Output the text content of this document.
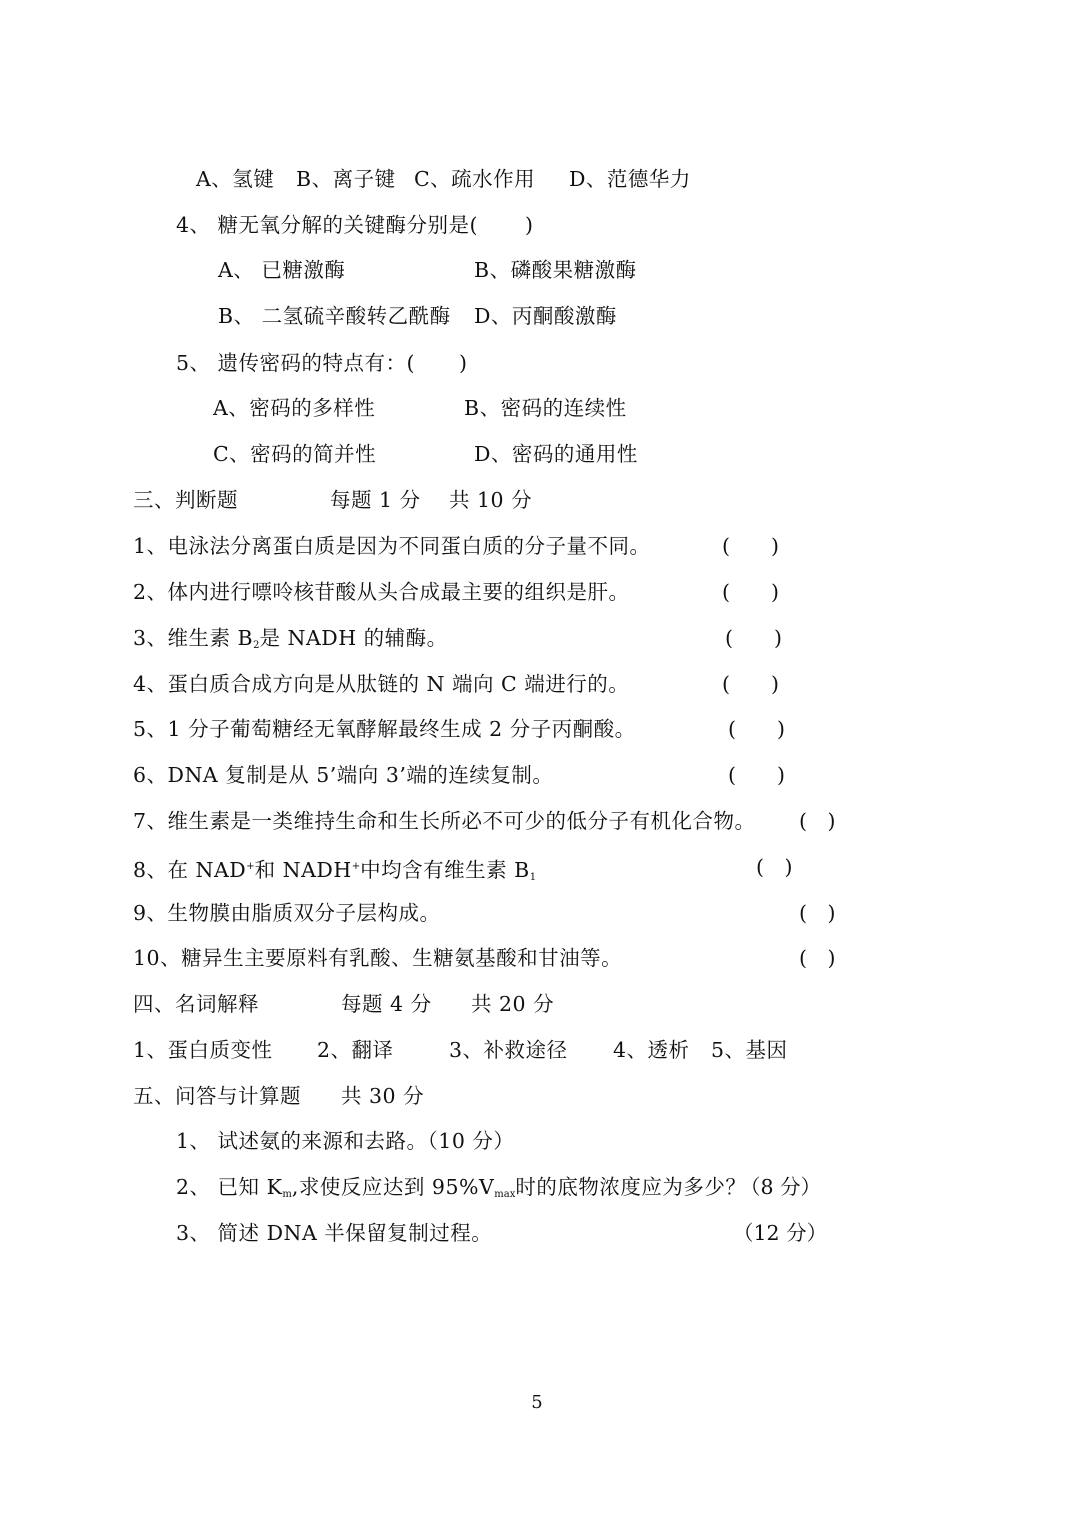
A、氢键 B、离子键 C、疏水作用 D、范德华力
4、 糖无氧分解的关键酶分别是( )
A、 已糖激酶	B、磷酸果糖激酶
B、 二氢硫辛酸转乙酰酶 D、丙酮酸激酶
5、 遗传密码的特点有：( )
A、密码的多样性	B、密码的连续性
C、密码的简并性	D、密码的通用性
三、判断题	每题 1 分 共 10 分
1、电泳法分离蛋白质是因为不同蛋白质的分子量不同。	(　　)
2、体内进行嘌呤核苷酸从头合成最主要的组织是肝。	(　　)
3、维生素 $B_2$是 NADH 的辅酶。	(　　)
4、蛋白质合成方向是从肽链的 N 端向 C 端进行的。	(　　)
5、1 分子葡萄糖经无氧酵解最终生成 2 分子丙酮酸。	(　　)
6、DNA 复制是从 5’端向 3’端的连续复制。	(　　)
7、维生素是一类维持生命和生长所必不可少的低分子有机化合物。 (　)
8、在 NAD+和 NADH+中均含有维生素 $B_1$	(　)
9、生物膜由脂质双分子层构成。	(　)
10、糖异生主要原料有乳酸、生糖氨基酸和甘油等。	(　)
四、名词解释	每题 4 分 共 20 分
1、蛋白质变性 2、翻译	3、补救途径 4、透析 5、基因
五、问答与计算题 共 30 分
1、 试述氨的来源和去路。（10 分）
2、 已知 $K_m$,求使反应达到 $95\%V_{max}$时的底物浓度应为多少？
（8 分）
3、 简述 DNA 半保留复制过程。	（12 分）
5
